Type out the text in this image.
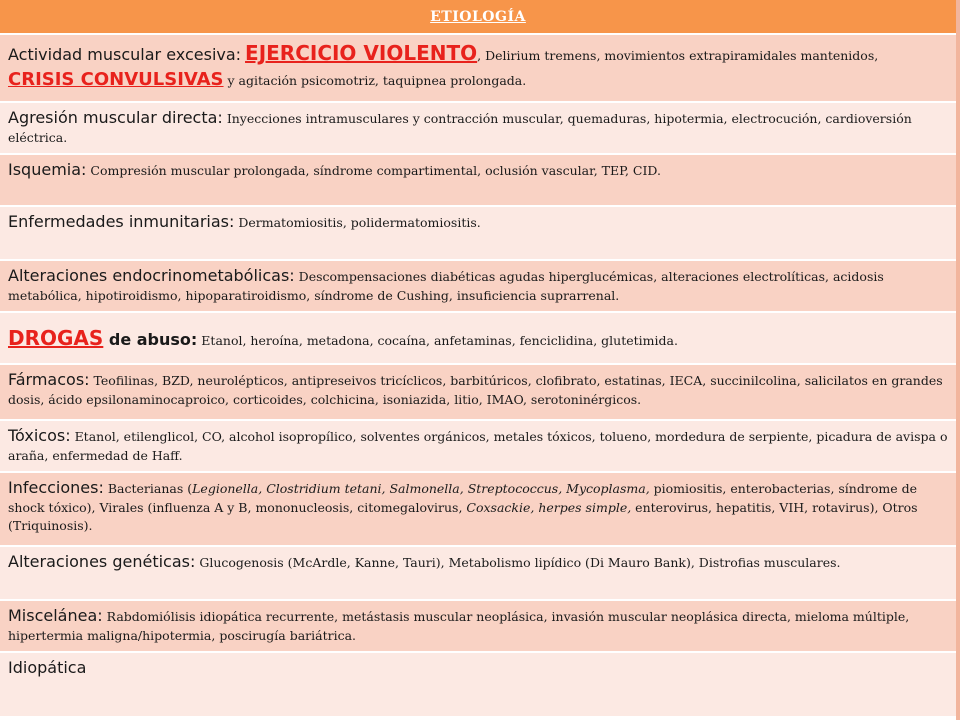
ETIOLOGÍA
Actividad muscular excesiva: EJERCICIO VIOLENTO, Delirium tremens, movimientos extrapiramidales mantenidos, CRISIS CONVULSIVAS y agitación psicomotriz, taquipnea prolongada.
Agresión muscular directa: Inyecciones intramusculares y contracción muscular, quemaduras, hipotermia, electrocución, cardioversión eléctrica.
Isquemia: Compresión muscular prolongada, síndrome compartimental, oclusión vascular, TEP, CID.
Enfermedades inmunitarias: Dermatomiositis, polidermatomiositis.
Alteraciones endocrinometabólicas: Descompensaciones diabéticas agudas hiperglucémicas, alteraciones electrolíticas, acidosis metabólica, hipotiroidismo, hipoparatiroidismo, síndrome de Cushing, insuficiencia suprarrenal.
DROGAS de abuso: Etanol, heroína, metadona, cocaína, anfetaminas, fenciclidina, glutetimida.
Fármacos: Teofilinas, BZD, neurolépticos, antipreseivos tricíclicos, barbitúricos, clofibrato, estatinas, IECA, succinilcolina, salicilatos en grandes dosis, ácido epsilonaminocaproico, corticoides, colchicina, isoniazida, litio, IMAO, serotoninérgicos.
Tóxicos: Etanol, etilenglicol, CO, alcohol isopropílico, solventes orgánicos, metales tóxicos, tolueno, mordedura de serpiente, picadura de avispa o araña, enfermedad de Haff.
Infecciones: Bacterianas (Legionella, Clostridium tetani, Salmonella, Streptococcus, Mycoplasma, piomiositis, enterobacterias, síndrome de shock tóxico), Virales (influenza A y B, mononucleosis, citomegalovirus, Coxsackie, herpes simple, enterovirus, hepatitis, VIH, rotavirus), Otros (Triquinosis).
Alteraciones genéticas: Glucogenosis (McArdle, Kanne, Tauri), Metabolismo lipídico (Di Mauro Bank), Distrofias musculares.
Miscelánea: Rabdomiólisis idiopática recurrente, metástasis muscular neoplásica, invasión muscular neoplásica directa, mieloma múltiple, hipertermia maligna/hipotermia, poscirugía bariátrica.
Idiopática
